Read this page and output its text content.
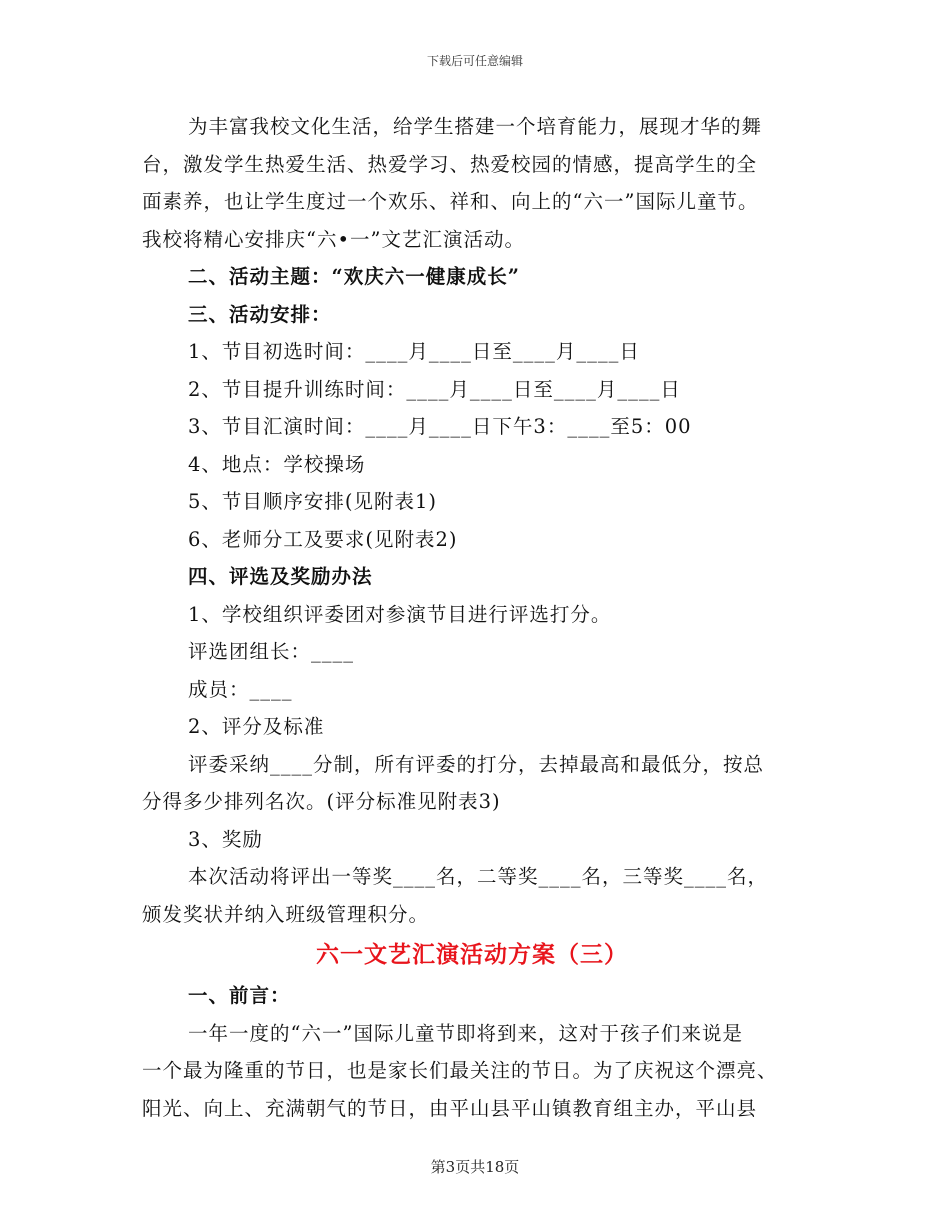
下载后可任意编辑
为丰富我校文化生活，给学生搭建一个培育能力，展现才华的舞
台，激发学生热爱生活、热爱学习、热爱校园的情感，提高学生的全
面素养，也让学生度过一个欢乐、祥和、向上的“六一”国际儿童节。
我校将精心安排庆“六•一”文艺汇演活动。
二、活动主题：“欢庆六一健康成长”
三、活动安排：
1、节目初选时间：____月____日至____月____日
2、节目提升训练时间：____月____日至____月____日
3、节目汇演时间：____月____日下午3：____至5：00
4、地点：学校操场
5、节目顺序安排(见附表1)
6、老师分工及要求(见附表2)
四、评选及奖励办法
1、学校组织评委团对参演节目进行评选打分。
评选团组长：____
成员：____
2、评分及标准
评委采纳____分制，所有评委的打分，去掉最高和最低分，按总
分得多少排列名次。(评分标准见附表3)
3、奖励
本次活动将评出一等奖____名，二等奖____名，三等奖____名，
颁发奖状并纳入班级管理积分。
六一文艺汇演活动方案（三）
一、前言：
一年一度的“六一”国际儿童节即将到来，这对于孩子们来说是
一个最为隆重的节日，也是家长们最关注的节日。为了庆祝这个漂亮、
阳光、向上、充满朝气的节日，由平山县平山镇教育组主办，平山县
第3页共18页
